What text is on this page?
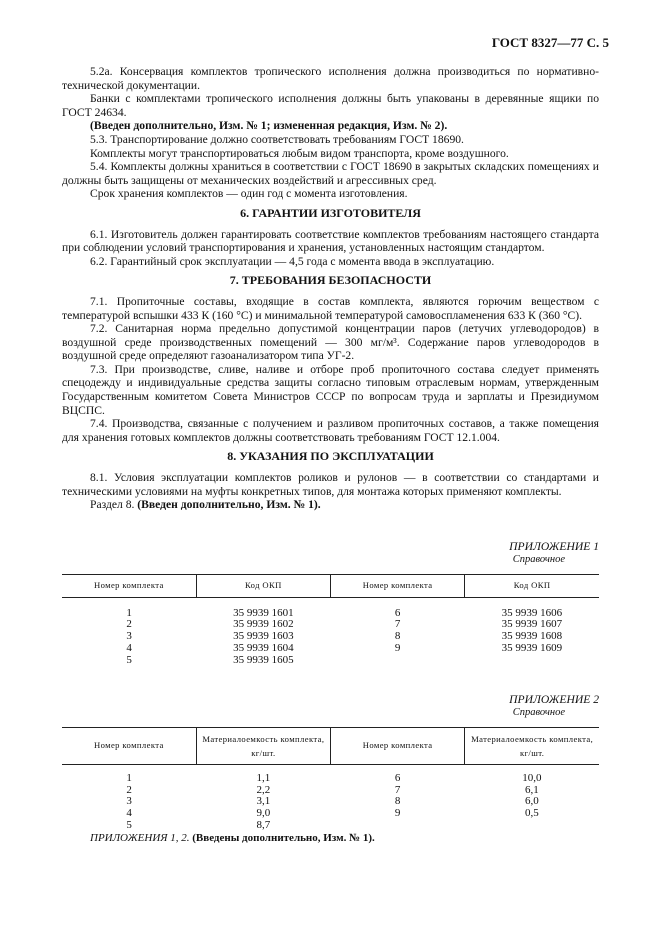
ГОСТ 8327—77 С. 5

5.2а. Консервация комплектов тропического исполнения должна производиться по нормативно-технической документации.

Банки с комплектами тропического исполнения должны быть упакованы в деревянные ящики по ГОСТ 24634.

(Введен дополнительно, Изм. № 1; измененная редакция, Изм. № 2).

5.3. Транспортирование должно соответствовать требованиям ГОСТ 18690.

Комплекты могут транспортироваться любым видом транспорта, кроме воздушного.

5.4. Комплекты должны храниться в соответствии с ГОСТ 18690 в закрытых складских помещениях и должны быть защищены от механических воздействий и агрессивных сред.

Срок хранения комплектов — один год с момента изготовления.

6. ГАРАНТИИ ИЗГОТОВИТЕЛЯ

6.1. Изготовитель должен гарантировать соответствие комплектов требованиям настоящего стандарта при соблюдении условий транспортирования и хранения, установленных настоящим стандартом.

6.2. Гарантийный срок эксплуатации — 4,5 года с момента ввода в эксплуатацию.

7. ТРЕБОВАНИЯ БЕЗОПАСНОСТИ

7.1. Пропиточные составы, входящие в состав комплекта, являются горючим веществом с температурой вспышки 433 К (160 °С) и минимальной температурой самовоспламенения 633 К (360 °С).

7.2. Санитарная норма предельно допустимой концентрации паров (летучих углеводородов) в воздушной среде производственных помещений — 300 мг/м³. Содержание паров углеводородов в воздушной среде определяют газоанализатором типа УГ-2.

7.3. При производстве, сливе, наливе и отборе проб пропиточного состава следует применять спецодежду и индивидуальные средства защиты согласно типовым отраслевым нормам, утвержденным Государственным комитетом Совета Министров СССР по вопросам труда и зарплаты и Президиумом ВЦСПС.

7.4. Производства, связанные с получением и разливом пропиточных составов, а также помещения для хранения готовых комплектов должны соответствовать требованиям ГОСТ 12.1.004.

8. УКАЗАНИЯ ПО ЭКСПЛУАТАЦИИ

8.1. Условия эксплуатации комплектов роликов и рулонов — в соответствии со стандартами и техническими условиями на муфты конкретных типов, для монтажа которых применяют комплекты.

Раздел 8. (Введен дополнительно, Изм. № 1).

ПРИЛОЖЕНИЕ 1
Справочное
Номер комплекта	Код ОКП	Номер комплекта	Код ОКП

1	35 9939 1601	6	35 9939 1606
2	35 9939 1602	7	35 9939 1607
3	35 9939 1603	8	35 9939 1608
4	35 9939 1604	9	35 9939 1609
5	35 9939 1605		
ПРИЛОЖЕНИЕ 2
Справочное
Номер комплекта	Материалоемкость комплекта, кг/шт.	Номер комплекта	Материалоемкость комплекта, кг/шт.

1	1,1	6	10,0
2	2,2	7	6,1
3	3,1	8	6,0
4	9,0	9	0,5
5	8,7		

ПРИЛОЖЕНИЯ 1, 2. (Введены дополнительно, Изм. № 1).
